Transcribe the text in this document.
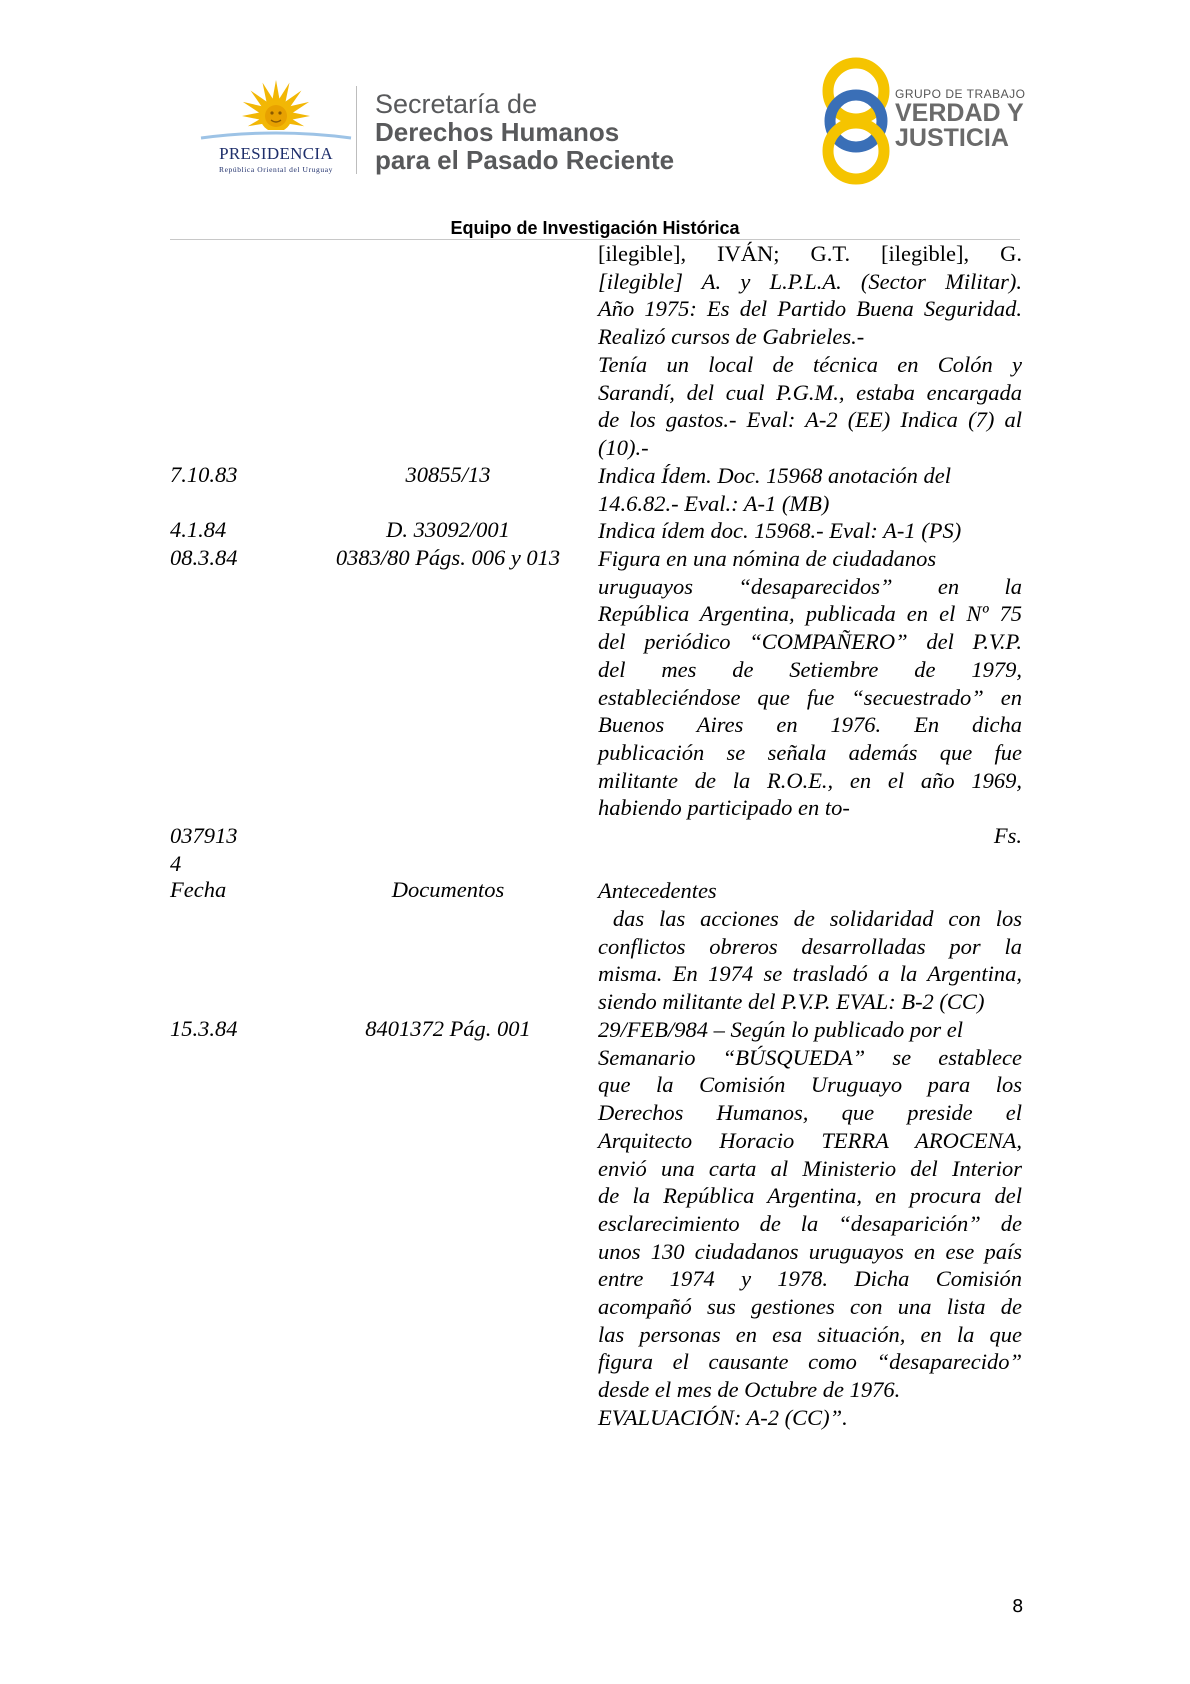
PRESIDENCIA
República Oriental del Uruguay
Secretaría de
Derechos Humanos
para el Pasado Reciente
GRUPO DE TRABAJO
VERDAD Y
JUSTICIA
Equipo de Investigación Histórica
[ilegible], IVÁN; G.T. [ilegible], G.
[ilegible] A. y L.P.L.A. (Sector Militar).
Año 1975: Es del Partido Buena Seguridad.
Realizó cursos de Gabrieles.-
Tenía un local de técnica en Colón y
Sarandí, del cual P.G.M., estaba encargada
de los gastos.- Eval: A-2 (EE) Indica (7) al
(10).-
7.10.83	30855/13	Indica Ídem. Doc. 15968 anotación del
14.6.82.- Eval.: A-1 (MB)
4.1.84	D. 33092/001	Indica ídem doc. 15968.- Eval: A-1 (PS)
08.3.84	0383/80 Págs. 006 y 013	Figura en una nómina de ciudadanos
uruguayos “desaparecidos” en la
República Argentina, publicada en el Nº 75
del periódico “COMPAÑERO” del P.V.P.
del mes de Setiembre de 1979,
estableciéndose que fue “secuestrado” en
Buenos Aires en 1976. En dicha
publicación se señala además que fue
militante de la R.O.E., en el año 1969,
habiendo participado en to-
037913
4
Fs.
Fecha	Documentos	Antecedentes
das las acciones de solidaridad con los
conflictos obreros desarrolladas por la
misma. En 1974 se trasladó a la Argentina,
siendo militante del P.V.P. EVAL: B-2 (CC)
15.3.84	8401372 Pág. 001	29/FEB/984 – Según lo publicado por el
Semanario “BÚSQUEDA” se establece
que la Comisión Uruguayo para los
Derechos Humanos, que preside el
Arquitecto Horacio TERRA AROCENA,
envió una carta al Ministerio del Interior
de la República Argentina, en procura del
esclarecimiento de la “desaparición” de
unos 130 ciudadanos uruguayos en ese país
entre 1974 y 1978. Dicha Comisión
acompañó sus gestiones con una lista de
las personas en esa situación, en la que
figura el causante como “desaparecido”
desde el mes de Octubre de 1976.
EVALUACIÓN: A-2 (CC)”.
8
